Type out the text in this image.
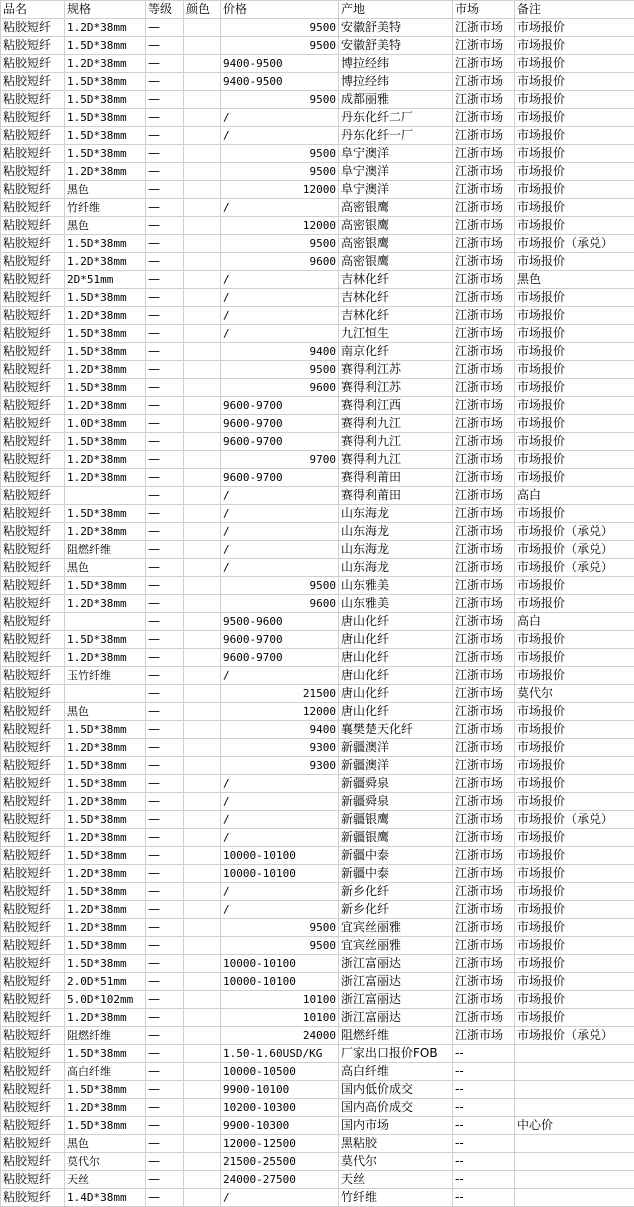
品名	规格	等级	颜色	价格	产地	市场	备注
粘胶短纤	1.2D*38mm	—		9500	安徽舒美特	江浙市场	市场报价
粘胶短纤	1.5D*38mm	—		9500	安徽舒美特	江浙市场	市场报价
粘胶短纤	1.2D*38mm	—		9400-9500	博拉经纬	江浙市场	市场报价
粘胶短纤	1.5D*38mm	—		9400-9500	博拉经纬	江浙市场	市场报价
粘胶短纤	1.5D*38mm	—		9500	成都丽雅	江浙市场	市场报价
粘胶短纤	1.5D*38mm	—		/	丹东化纤二厂	江浙市场	市场报价
粘胶短纤	1.5D*38mm	—		/	丹东化纤一厂	江浙市场	市场报价
粘胶短纤	1.5D*38mm	—		9500	阜宁澳洋	江浙市场	市场报价
粘胶短纤	1.2D*38mm	—		9500	阜宁澳洋	江浙市场	市场报价
粘胶短纤	黑色	—		12000	阜宁澳洋	江浙市场	市场报价
粘胶短纤	竹纤维	—		/	高密银鹰	江浙市场	市场报价
粘胶短纤	黑色	—		12000	高密银鹰	江浙市场	市场报价
粘胶短纤	1.5D*38mm	—		9500	高密银鹰	江浙市场	市场报价（承兑）
粘胶短纤	1.2D*38mm	—		9600	高密银鹰	江浙市场	市场报价
粘胶短纤	2D*51mm	—		/	吉林化纤	江浙市场	黑色
粘胶短纤	1.5D*38mm	—		/	吉林化纤	江浙市场	市场报价
粘胶短纤	1.2D*38mm	—		/	吉林化纤	江浙市场	市场报价
粘胶短纤	1.5D*38mm	—		/	九江恒生	江浙市场	市场报价
粘胶短纤	1.5D*38mm	—		9400	南京化纤	江浙市场	市场报价
粘胶短纤	1.2D*38mm	—		9500	赛得利江苏	江浙市场	市场报价
粘胶短纤	1.5D*38mm	—		9600	赛得利江苏	江浙市场	市场报价
粘胶短纤	1.2D*38mm	—		9600-9700	赛得利江西	江浙市场	市场报价
粘胶短纤	1.0D*38mm	—		9600-9700	赛得利九江	江浙市场	市场报价
粘胶短纤	1.5D*38mm	—		9600-9700	赛得利九江	江浙市场	市场报价
粘胶短纤	1.2D*38mm	—		9700	赛得利九江	江浙市场	市场报价
粘胶短纤	1.2D*38mm	—		9600-9700	赛得利莆田	江浙市场	市场报价
粘胶短纤		—		/	赛得利莆田	江浙市场	高白
粘胶短纤	1.5D*38mm	—		/	山东海龙	江浙市场	市场报价
粘胶短纤	1.2D*38mm	—		/	山东海龙	江浙市场	市场报价（承兑）
粘胶短纤	阻燃纤维	—		/	山东海龙	江浙市场	市场报价（承兑）
粘胶短纤	黑色	—		/	山东海龙	江浙市场	市场报价（承兑）
粘胶短纤	1.5D*38mm	—		9500	山东雅美	江浙市场	市场报价
粘胶短纤	1.2D*38mm	—		9600	山东雅美	江浙市场	市场报价
粘胶短纤		—		9500-9600	唐山化纤	江浙市场	高白
粘胶短纤	1.5D*38mm	—		9600-9700	唐山化纤	江浙市场	市场报价
粘胶短纤	1.2D*38mm	—		9600-9700	唐山化纤	江浙市场	市场报价
粘胶短纤	玉竹纤维	—		/	唐山化纤	江浙市场	市场报价
粘胶短纤		—		21500	唐山化纤	江浙市场	莫代尔
粘胶短纤	黑色	—		12000	唐山化纤	江浙市场	市场报价
粘胶短纤	1.5D*38mm	—		9400	襄樊楚天化纤	江浙市场	市场报价
粘胶短纤	1.2D*38mm	—		9300	新疆澳洋	江浙市场	市场报价
粘胶短纤	1.5D*38mm	—		9300	新疆澳洋	江浙市场	市场报价
粘胶短纤	1.5D*38mm	—		/	新疆舜泉	江浙市场	市场报价
粘胶短纤	1.2D*38mm	—		/	新疆舜泉	江浙市场	市场报价
粘胶短纤	1.5D*38mm	—		/	新疆银鹰	江浙市场	市场报价（承兑）
粘胶短纤	1.2D*38mm	—		/	新疆银鹰	江浙市场	市场报价
粘胶短纤	1.5D*38mm	—		10000-10100	新疆中泰	江浙市场	市场报价
粘胶短纤	1.2D*38mm	—		10000-10100	新疆中泰	江浙市场	市场报价
粘胶短纤	1.5D*38mm	—		/	新乡化纤	江浙市场	市场报价
粘胶短纤	1.2D*38mm	—		/	新乡化纤	江浙市场	市场报价
粘胶短纤	1.2D*38mm	—		9500	宜宾丝丽雅	江浙市场	市场报价
粘胶短纤	1.5D*38mm	—		9500	宜宾丝丽雅	江浙市场	市场报价
粘胶短纤	1.5D*38mm	—		10000-10100	浙江富丽达	江浙市场	市场报价
粘胶短纤	2.0D*51mm	—		10000-10100	浙江富丽达	江浙市场	市场报价
粘胶短纤	5.0D*102mm	—		10100	浙江富丽达	江浙市场	市场报价
粘胶短纤	1.2D*38mm	—		10100	浙江富丽达	江浙市场	市场报价
粘胶短纤	阻燃纤维	—		24000	阻燃纤维	江浙市场	市场报价（承兑）
粘胶短纤	1.5D*38mm	—		1.50-1.60USD/KG	厂家出口报价FOB	--	
粘胶短纤	高白纤维	—		10000-10500	高白纤维	--	
粘胶短纤	1.5D*38mm	—		9900-10100	国内低价成交	--	
粘胶短纤	1.2D*38mm	—		10200-10300	国内高价成交	--	
粘胶短纤	1.5D*38mm	—		9900-10300	国内市场	--	中心价
粘胶短纤	黑色	—		12000-12500	黑粘胶	--	
粘胶短纤	莫代尔	—		21500-25500	莫代尔	--	
粘胶短纤	天丝	—		24000-27500	天丝	--	
粘胶短纤	1.4D*38mm	—		/	竹纤维	--	
